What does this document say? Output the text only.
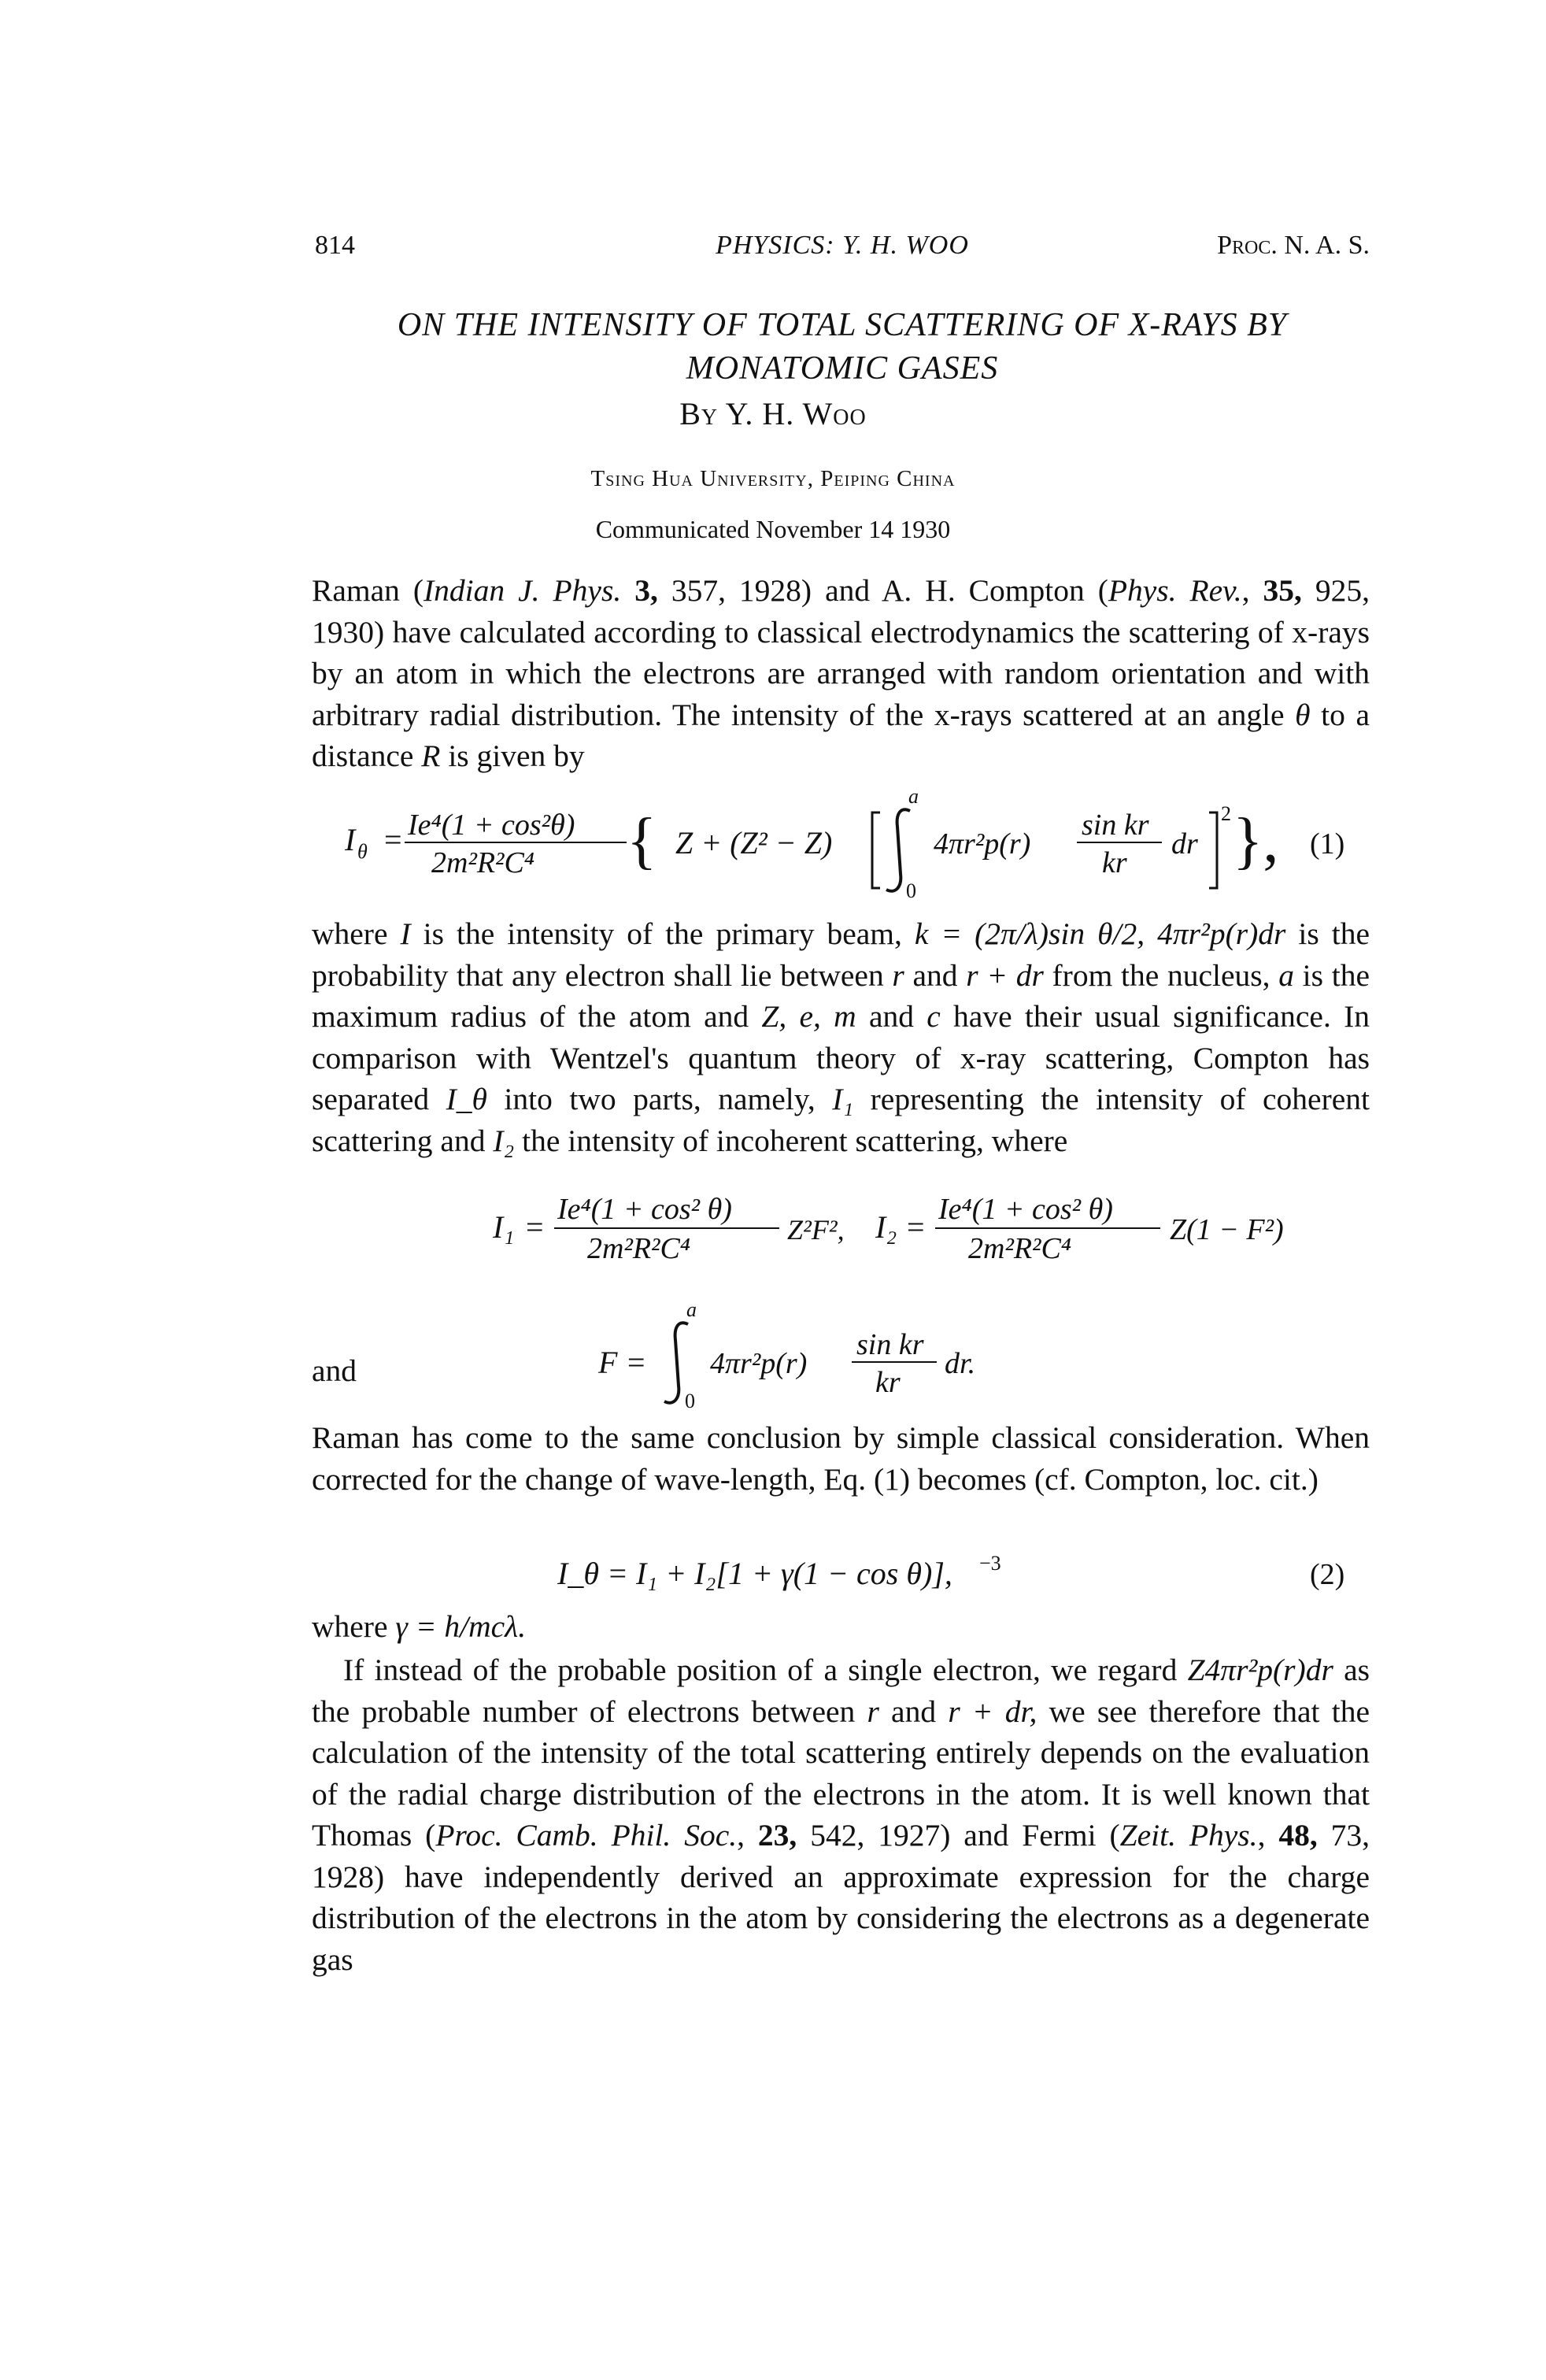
814	PHYSICS: Y. H. WOO	Proc. N. A. S.
ON THE INTENSITY OF TOTAL SCATTERING OF X-RAYS BY
MONATOMIC GASES
By Y. H. Woo
Tsing Hua University, Peiping China
Communicated November 14 1930

Raman (Indian J. Phys. 3, 357, 1928) and A. H. Compton (Phys. Rev., 35, 925, 1930) have calculated according to classical electrodynamics the scattering of x-rays by an atom in which the electrons are arranged with random orientation and with arbitrary radial distribution. The intensity of the x-rays scattered at an angle θ to a distance R is given by

I θ = Ie⁴(1 + cos²θ)
2m²R²C⁴ { Z + (Z² − Z)
a
0
4πr²p(r)
sin kr
kr
dr
2 }, (1)

where I is the intensity of the primary beam, k = (2π/λ)sin θ/2, 4πr²p(r)dr is the probability that any electron shall lie between r and r + dr from the nucleus, a is the maximum radius of the atom and Z, e, m and c have their usual significance. In comparison with Wentzel's quantum theory of x-ray scattering, Compton has separated I_θ into two parts, namely, I₁ representing the intensity of coherent scattering and I₂ the intensity of incoherent scattering, where

I₁ = Ie⁴(1 + cos² θ)
2m²R²C⁴
Z²F², I₂ = Ie⁴(1 + cos² θ)
2m²R²C⁴
Z(1 − F²)
and	F =
a
0
4πr²p(r)
sin kr
kr
dr.

Raman has come to the same conclusion by simple classical consideration. When corrected for the change of wave-length, Eq. (1) becomes (cf. Compton, loc. cit.)

I_θ = I₁ + I₂[1 + γ(1 − cos θ)], −3	(2)

where γ = h/mcλ.

If instead of the probable position of a single electron, we regard Z4πr²p(r)dr as the probable number of electrons between r and r + dr, we see therefore that the calculation of the intensity of the total scattering entirely depends on the evaluation of the radial charge distribution of the electrons in the atom. It is well known that Thomas (Proc. Camb. Phil. Soc., 23, 542, 1927) and Fermi (Zeit. Phys., 48, 73, 1928) have independently derived an approximate expression for the charge distribution of the electrons in the atom by considering the electrons as a degenerate gas
